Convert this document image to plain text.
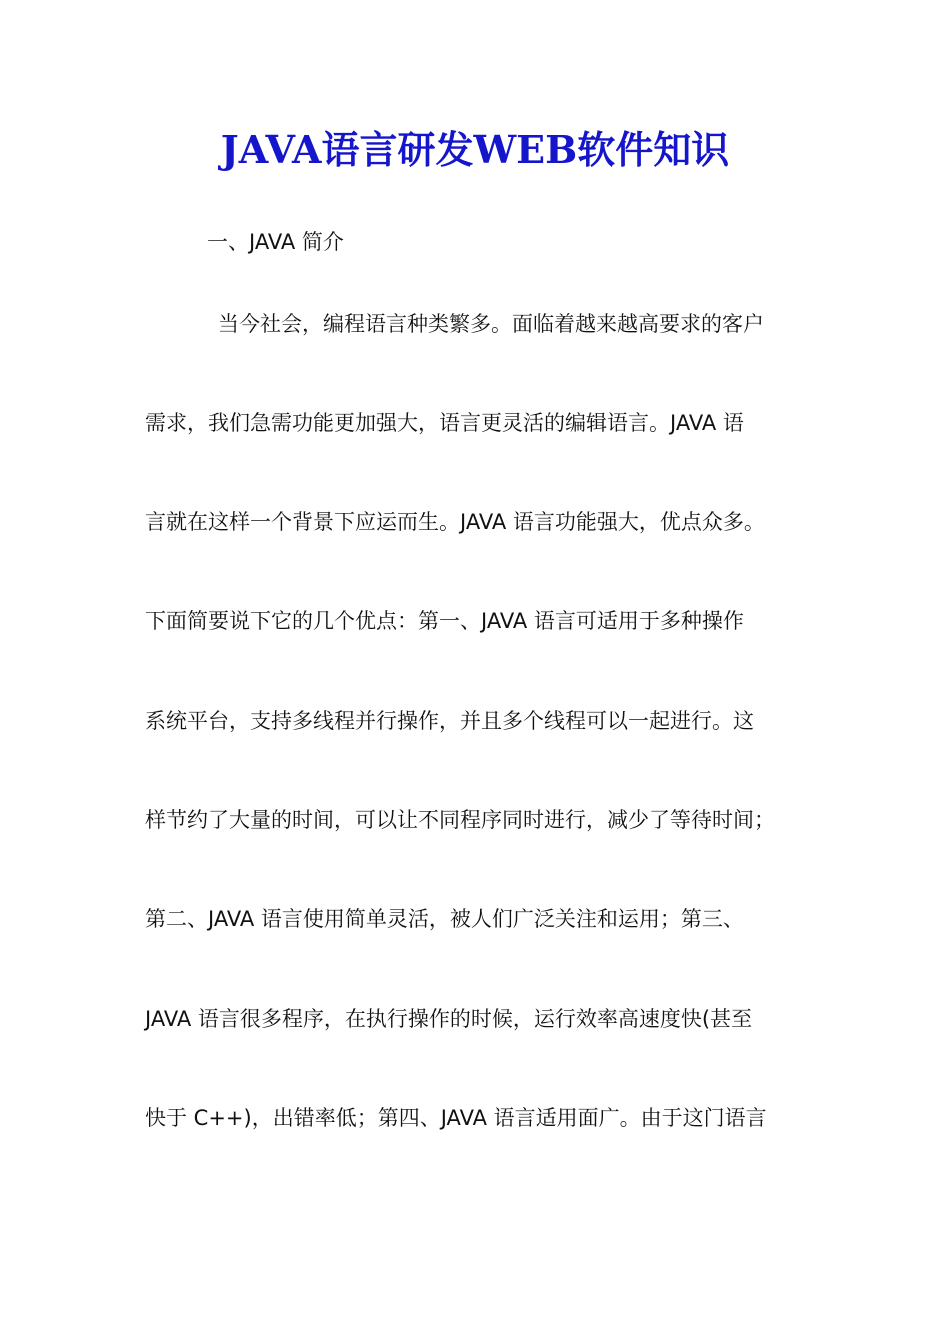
JAVA语言研发WEB软件知识
一、JAVA 简介
当今社会，编程语言种类繁多。面临着越来越高要求的客户
需求，我们急需功能更加强大，语言更灵活的编辑语言。JAVA 语
言就在这样一个背景下应运而生。JAVA 语言功能强大，优点众多。
下面简要说下它的几个优点：第一、JAVA 语言可适用于多种操作
系统平台，支持多线程并行操作，并且多个线程可以一起进行。这
样节约了大量的时间，可以让不同程序同时进行，减少了等待时间；
第二、JAVA 语言使用简单灵活，被人们广泛关注和运用；第三、
JAVA 语言很多程序，在执行操作的时候，运行效率高速度快(甚至
快于 C++)，出错率低；第四、JAVA 语言适用面广。由于这门语言
